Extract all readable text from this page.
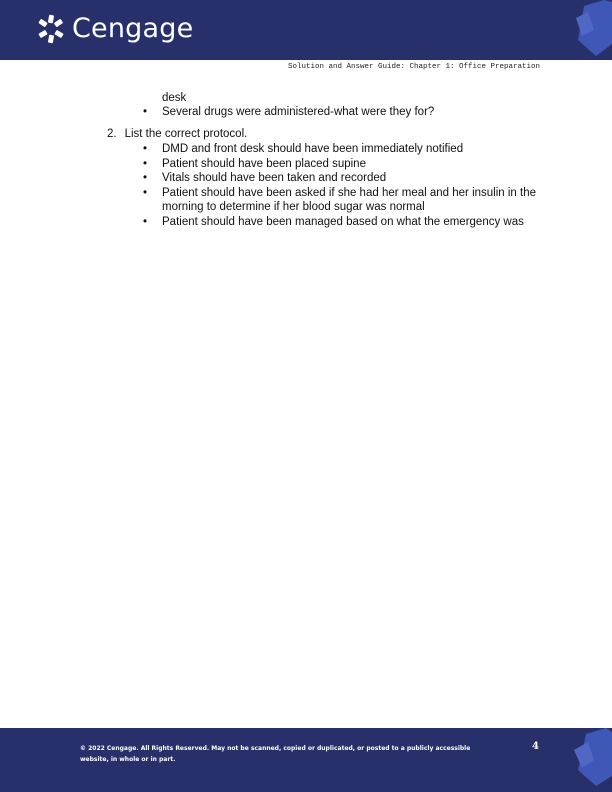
Cengage
Solution and Answer Guide: Chapter 1: Office Preparation
desk
• Several drugs were administered-what were they for?
2. List the correct protocol.
• DMD and front desk should have been immediately notified
• Patient should have been placed supine
• Vitals should have been taken and recorded
• Patient should have been asked if she had her meal and her insulin in the morning to determine if her blood sugar was normal
• Patient should have been managed based on what the emergency was
© 2022 Cengage. All Rights Reserved. May not be scanned, copied or duplicated, or posted to a publicly accessible website, in whole or in part.
4
